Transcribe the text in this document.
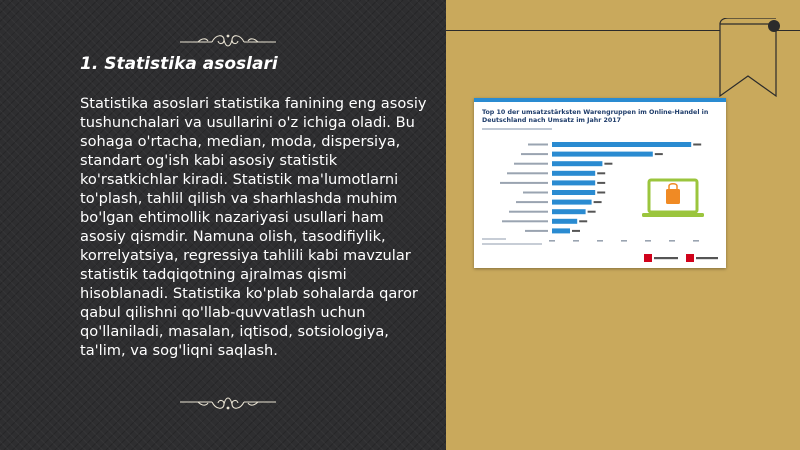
1. Statistika asoslari

Statistika asoslari statistika fanining eng asosiy tushunchalari va usullarini o'z ichiga oladi. Bu sohaga o'rtacha, median, moda, dispersiya, standart og'ish kabi asosiy statistik ko'rsatkichlar kiradi. Statistik ma'lumotlarni to'plash, tahlil qilish va sharhlashda muhim bo'lgan ehtimollik nazariyasi usullari ham asosiy qismdir. Namuna olish, tasodifiylik, korrelyatsiya, regressiya tahlili kabi mavzular statistik tadqiqotning ajralmas qismi hisoblanadi. Statistika ko'plab sohalarda qaror qabul qilishni qo'llab-quvvatlash uchun qo'llaniladi, masalan, iqtisod, sotsiologiya, ta'lim, va sog'liqni saqlash.

Top 10 der umsatzstärksten Warengruppen im Online-Handel in Deutschland nach Umsatz im Jahr 2017
